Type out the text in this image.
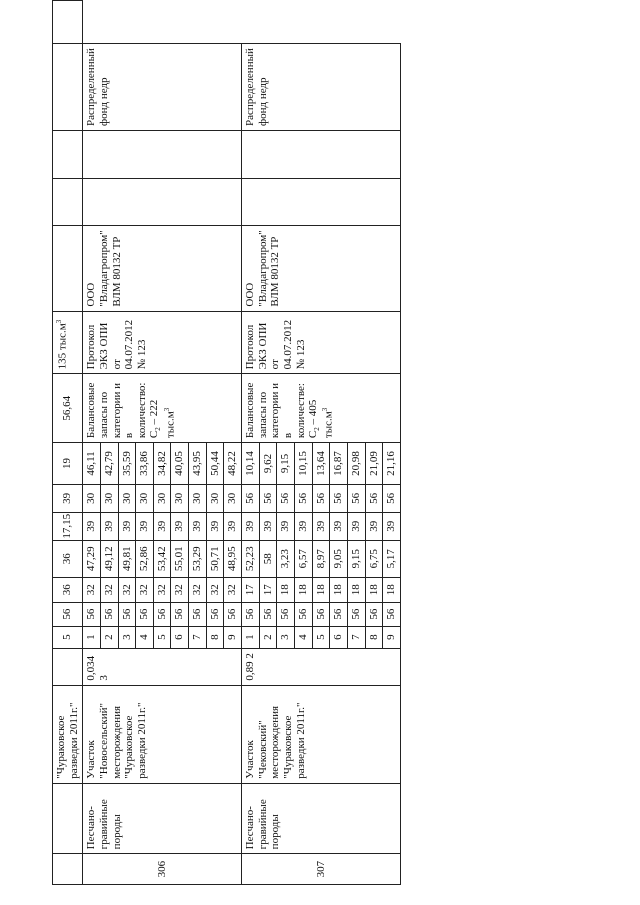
		"Чураковское разведки 2011г."		5	56	36	36	17,15	39	19	56,64	135 $тыс.м^3$					
306	Песчано-гравийные породы	Участок "Новосельский" месторождения "Чураковское разведки 2011г."	0,034 3	1	56	32	47,29	39	30	46,11	Балансовые запасы по категории и в количество: $C_2 - 222$ $тыс.м^3$	Протокол ЭКЗ ОПИ от 04.07.2012 № 123	ООО "Владагропром" ВЛМ 80132 ТР			Распределенный фонд недр	
				2	56	32	49,12	39	30	42,79							
				3	56	32	49,81	39	30	35,59							
				4	56	32	52,86	39	30	33,86							
				5	56	32	53,42	39	30	34,82							
				6	56	32	55,01	39	30	40,05							
				7	56	32	53,29	39	30	43,95							
				8	56	32	50,71	39	30	50,44							
				9	56	32	48,95	39	30	48,22							
307	Песчано-гравийные породы	Участок "Чековский" месторождения "Чураковское разведки 2011г."	0,89 2	1	56	17	52,23	39	56	10,14	Балансовые запасы по категории и в количестве: $C_2 - 405$ $тыс.м^3$	Протокол ЭКЗ ОПИ от 04.07.2012 № 123	ООО "Владагропром" ВЛМ 80132 ТР			Распределенный фонд недр	
				2	56	17	58	39	56	9,62							
				3	56	18	3,23	39	56	9,15							
				4	56	18	6,57	39	56	10,15							
				5	56	18	8,97	39	56	13,64							
				6	56	18	9,05	39	56	16,87							
				7	56	18	9,15	39	56	20,98							
				8	56	18	6,75	39	56	21,09							
				9	56	18	5,17	39	56	21,16							
